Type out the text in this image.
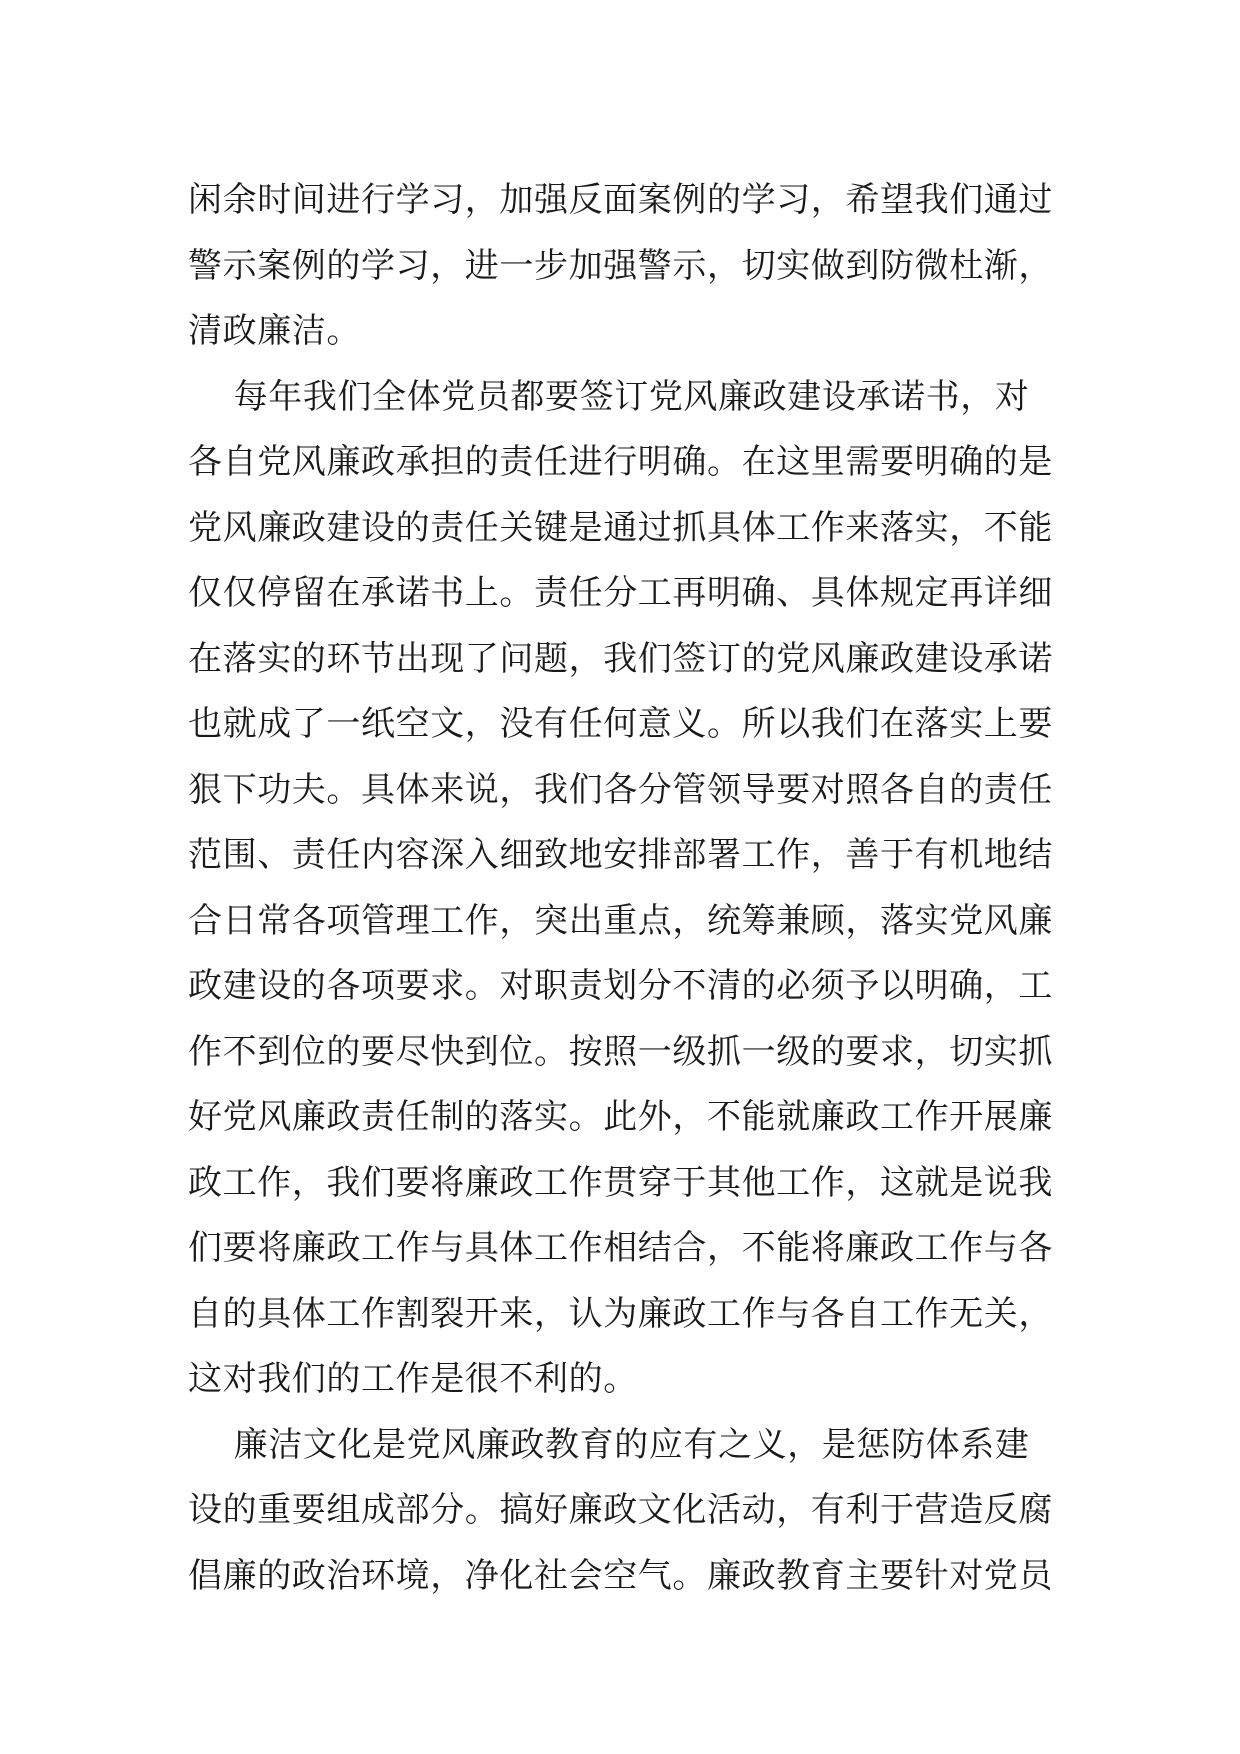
闲余时间进行学习，加强反面案例的学习，希望我们通过
警示案例的学习，进一步加强警示，切实做到防微杜渐，
清政廉洁。
每年我们全体党员都要签订党风廉政建设承诺书，对
各自党风廉政承担的责任进行明确。在这里需要明确的是
党风廉政建设的责任关键是通过抓具体工作来落实，不能
仅仅停留在承诺书上。责任分工再明确、具体规定再详细
在落实的环节出现了问题，我们签订的党风廉政建设承诺
也就成了一纸空文，没有任何意义。所以我们在落实上要
狠下功夫。具体来说，我们各分管领导要对照各自的责任
范围、责任内容深入细致地安排部署工作，善于有机地结
合日常各项管理工作，突出重点，统筹兼顾，落实党风廉
政建设的各项要求。对职责划分不清的必须予以明确，工
作不到位的要尽快到位。按照一级抓一级的要求，切实抓
好党风廉政责任制的落实。此外，不能就廉政工作开展廉
政工作，我们要将廉政工作贯穿于其他工作，这就是说我
们要将廉政工作与具体工作相结合，不能将廉政工作与各
自的具体工作割裂开来，认为廉政工作与各自工作无关，
这对我们的工作是很不利的。
廉洁文化是党风廉政教育的应有之义，是惩防体系建
设的重要组成部分。搞好廉政文化活动，有利于营造反腐
倡廉的政治环境，净化社会空气。廉政教育主要针对党员
